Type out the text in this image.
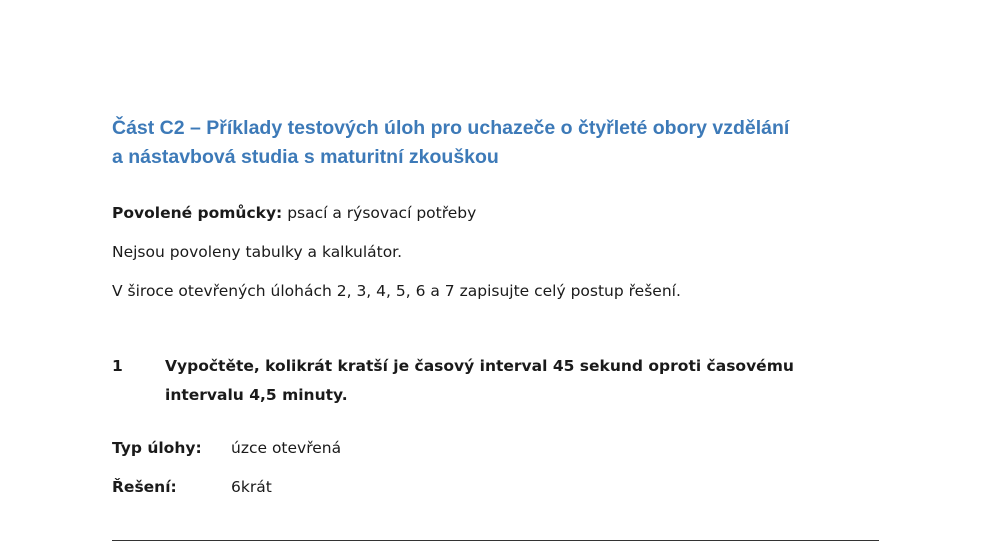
Část C2 – Příklady testových úloh pro uchazeče o čtyřleté obory vzdělání
a nástavbová studia s maturitní zkouškou
Povolené pomůcky: psací a rýsovací potřeby
Nejsou povoleny tabulky a kalkulátor.
V široce otevřených úlohách 2, 3, 4, 5, 6 a 7 zapisujte celý postup řešení.
1	Vypočtěte, kolikrát kratší je časový interval 45 sekund oproti časovému
intervalu 4,5 minuty.
Typ úlohy: úzce otevřená
Řešení:	6krát
